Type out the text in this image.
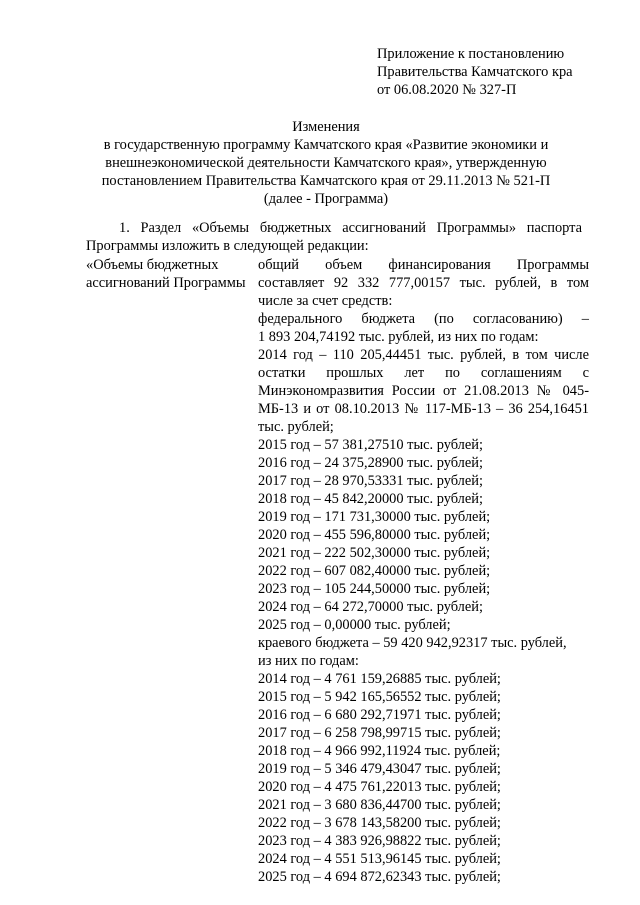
Приложение к постановлению
Правительства Камчатского кра
от 06.08.2020 № 327-П
Изменения
в государственную программу Камчатского края «Развитие экономики и
внешнеэкономической деятельности Камчатского края», утвержденную
постановлением Правительства Камчатского края от 29.11.2013 № 521-П
(далее - Программа)
1. Раздел «Объемы бюджетных ассигнований Программы» паспорта
Программы изложить в следующей редакции:
«Объемы бюджетных
ассигнований Программы
общий объем финансирования Программы
составляет 92 332 777,00157 тыс. рублей, в том
числе за счет средств:
федерального бюджета (по согласованию) –
1 893 204,74192 тыс. рублей, из них по годам:
2014 год – 110 205,44451 тыс. рублей, в том числе
остатки прошлых лет по соглашениям с
Минэкономразвития России от 21.08.2013 № 045-
МБ-13 и от 08.10.2013 № 117-МБ-13 – 36 254,16451
тыс. рублей;
2015 год – 57 381,27510 тыс. рублей;
2016 год – 24 375,28900 тыс. рублей;
2017 год – 28 970,53331 тыс. рублей;
2018 год – 45 842,20000 тыс. рублей;
2019 год – 171 731,30000 тыс. рублей;
2020 год – 455 596,80000 тыс. рублей;
2021 год – 222 502,30000 тыс. рублей;
2022 год – 607 082,40000 тыс. рублей;
2023 год – 105 244,50000 тыс. рублей;
2024 год – 64 272,70000 тыс. рублей;
2025 год – 0,00000 тыс. рублей;
краевого бюджета – 59 420 942,92317 тыс. рублей,
из них по годам:
2014 год – 4 761 159,26885 тыс. рублей;
2015 год – 5 942 165,56552 тыс. рублей;
2016 год – 6 680 292,71971 тыс. рублей;
2017 год – 6 258 798,99715 тыс. рублей;
2018 год – 4 966 992,11924 тыс. рублей;
2019 год – 5 346 479,43047 тыс. рублей;
2020 год – 4 475 761,22013 тыс. рублей;
2021 год – 3 680 836,44700 тыс. рублей;
2022 год – 3 678 143,58200 тыс. рублей;
2023 год – 4 383 926,98822 тыс. рублей;
2024 год – 4 551 513,96145 тыс. рублей;
2025 год – 4 694 872,62343 тыс. рублей;
